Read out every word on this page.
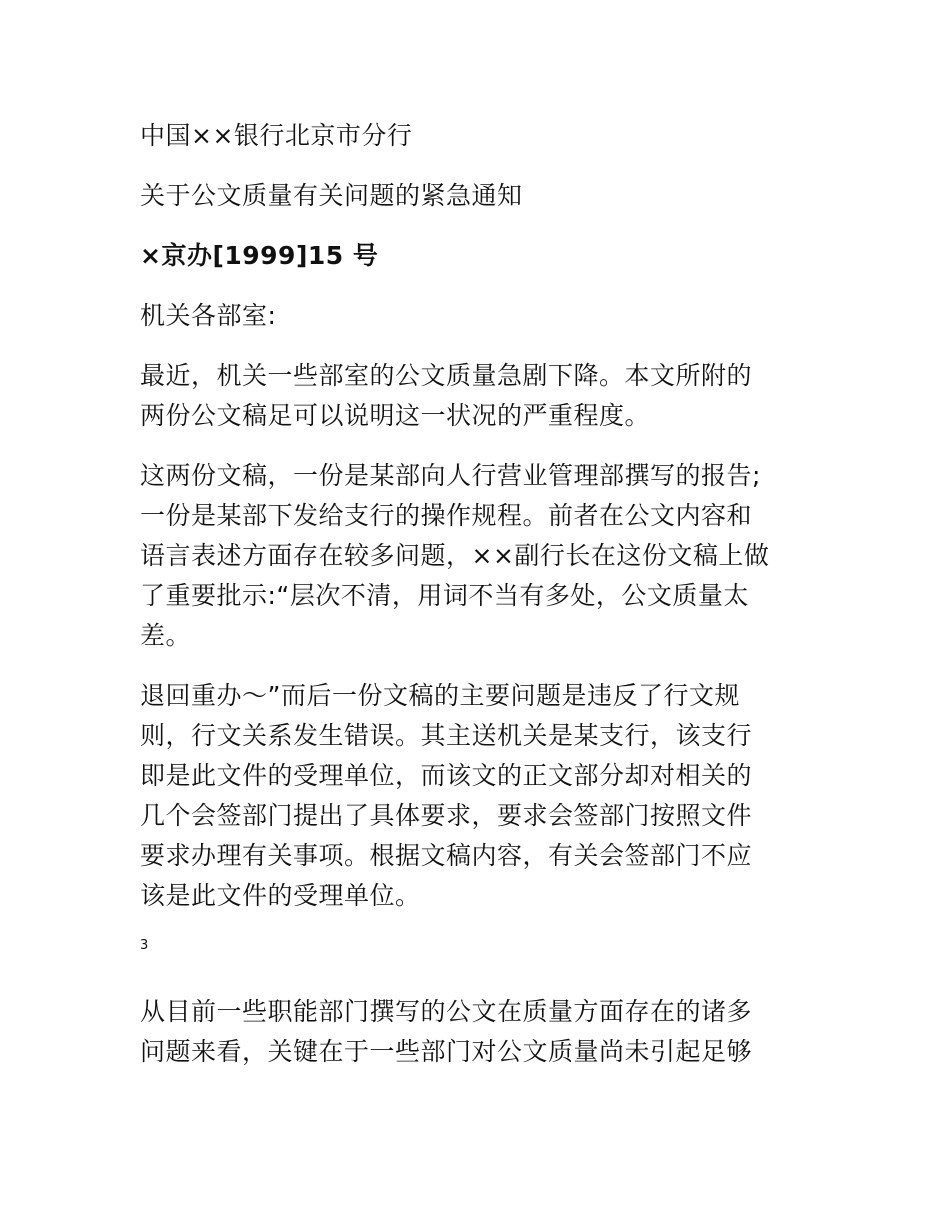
中国××银行北京市分行

关于公文质量有关问题的紧急通知

×京办[1999]15 号

机关各部室:

最近，机关一些部室的公文质量急剧下降。本文所附的

两份公文稿足可以说明这一状况的严重程度。

这两份文稿，一份是某部向人行营业管理部撰写的报告;

一份是某部下发给支行的操作规程。前者在公文内容和

语言表述方面存在较多问题，××副行长在这份文稿上做

了重要批示:“层次不清，用词不当有多处，公文质量太

差。

退回重办～”而后一份文稿的主要问题是违反了行文规

则，行文关系发生错误。其主送机关是某支行，该支行

即是此文件的受理单位，而该文的正文部分却对相关的

几个会签部门提出了具体要求，要求会签部门按照文件

要求办理有关事项。根据文稿内容，有关会签部门不应

该是此文件的受理单位。

3

从目前一些职能部门撰写的公文在质量方面存在的诸多

问题来看，关键在于一些部门对公文质量尚未引起足够
